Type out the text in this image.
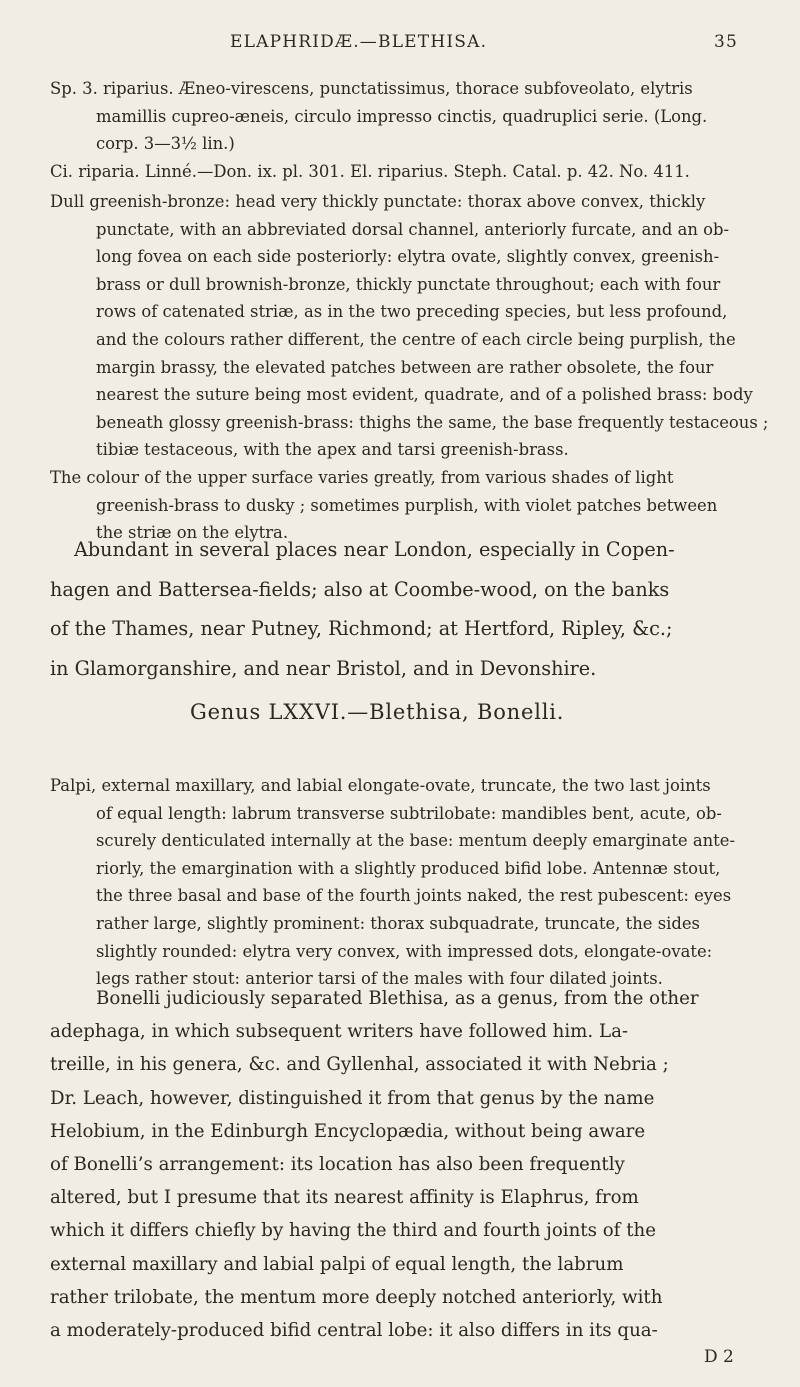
ELAPHRIDÆ.—BLETHISA.	35
Sp. 3. riparius. Æneo-virescens, punctatissimus, thorace subfoveolato, elytris
mamillis cupreo-æneis, circulo impresso cinctis, quadruplici serie. (Long.
corp. 3—3½ lin.)
Ci. riparia. Linné.—Don. ix. pl. 301. El. riparius. Steph. Catal. p. 42. No. 411.
Dull greenish-bronze: head very thickly punctate: thorax above convex, thickly
punctate, with an abbreviated dorsal channel, anteriorly furcate, and an ob-
long fovea on each side posteriorly: elytra ovate, slightly convex, greenish-
brass or dull brownish-bronze, thickly punctate throughout; each with four
rows of catenated striæ, as in the two preceding species, but less profound,
and the colours rather different, the centre of each circle being purplish, the
margin brassy, the elevated patches between are rather obsolete, the four
nearest the suture being most evident, quadrate, and of a polished brass: body
beneath glossy greenish-brass: thighs the same, the base frequently testaceous ;
tibiæ testaceous, with the apex and tarsi greenish-brass.
The colour of the upper surface varies greatly, from various shades of light
greenish-brass to dusky ; sometimes purplish, with violet patches between
the striæ on the elytra.
Abundant in several places near London, especially in Copen-
hagen and Battersea-fields; also at Coombe-wood, on the banks
of the Thames, near Putney, Richmond; at Hertford, Ripley, &c.;
in Glamorganshire, and near Bristol, and in Devonshire.
Genus LXXVI.—Blethisa, Bonelli.
Palpi, external maxillary, and labial elongate-ovate, truncate, the two last joints
of equal length: labrum transverse subtrilobate: mandibles bent, acute, ob-
scurely denticulated internally at the base: mentum deeply emarginate ante-
riorly, the emargination with a slightly produced bifid lobe. Antennæ stout,
the three basal and base of the fourth joints naked, the rest pubescent: eyes
rather large, slightly prominent: thorax subquadrate, truncate, the sides
slightly rounded: elytra very convex, with impressed dots, elongate-ovate:
legs rather stout: anterior tarsi of the males with four dilated joints.
Bonelli judiciously separated Blethisa, as a genus, from the other
adephaga, in which subsequent writers have followed him. La-
treille, in his genera, &c. and Gyllenhal, associated it with Nebria ;
Dr. Leach, however, distinguished it from that genus by the name
Helobium, in the Edinburgh Encyclopædia, without being aware
of Bonelli’s arrangement: its location has also been frequently
altered, but I presume that its nearest affinity is Elaphrus, from
which it differs chiefly by having the third and fourth joints of the
external maxillary and labial palpi of equal length, the labrum
rather trilobate, the mentum more deeply notched anteriorly, with
a moderately-produced bifid central lobe: it also differs in its qua-
D 2
